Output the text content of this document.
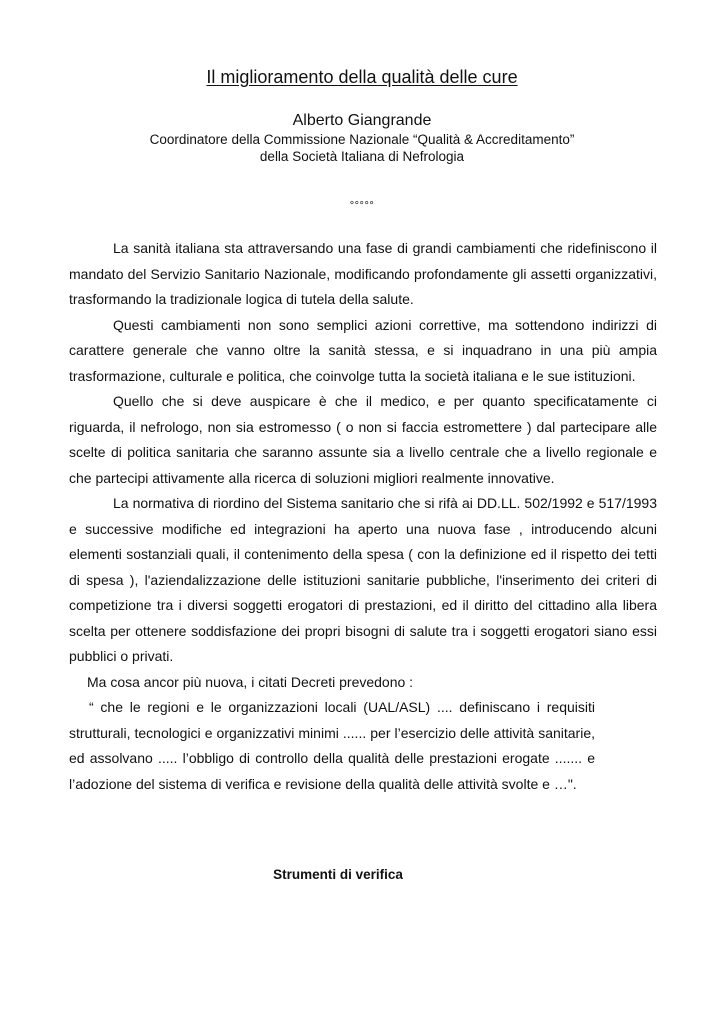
Il miglioramento della qualità delle cure
Alberto Giangrande
Coordinatore della Commissione Nazionale “Qualità & Accreditamento”
della Società Italiana di Nefrologia
°°°°°

La sanità italiana sta attraversando una fase di grandi cambiamenti che ridefiniscono il mandato del Servizio Sanitario Nazionale, modificando profondamente gli assetti organizzativi, trasformando la tradizionale logica di tutela della salute.

Questi cambiamenti non sono semplici azioni correttive, ma sottendono indirizzi di carattere generale che vanno oltre la sanità stessa, e si inquadrano in una più ampia trasformazione, culturale e politica, che coinvolge tutta la società italiana e le sue istituzioni.

Quello che si deve auspicare è che il medico, e per quanto specificatamente ci riguarda, il nefrologo, non sia estromesso ( o non si faccia estromettere ) dal partecipare alle scelte di politica sanitaria che saranno assunte sia a livello centrale che a livello regionale e che partecipi attivamente alla ricerca di soluzioni migliori realmente innovative.

La normativa di riordino del Sistema sanitario che si rifà ai DD.LL. 502/1992 e 517/1993 e successive modifiche ed integrazioni ha aperto una nuova fase , introducendo alcuni elementi sostanziali quali, il contenimento della spesa ( con la definizione ed il rispetto dei tetti di spesa ), l'aziendalizzazione delle istituzioni sanitarie pubbliche, l'inserimento dei criteri di competizione tra i diversi soggetti erogatori di prestazioni, ed il diritto del cittadino alla libera scelta per ottenere soddisfazione dei propri bisogni di salute tra i soggetti erogatori siano essi pubblici o privati.

Ma cosa ancor più nuova, i citati Decreti prevedono :

“ che le regioni e le organizzazioni locali (UAL/ASL) .... definiscano i requisiti strutturali, tecnologici e organizzativi minimi ...... per l’esercizio delle attività sanitarie, ed assolvano ..... l’obbligo di controllo della qualità delle prestazioni erogate ....... e l’adozione del sistema di verifica e revisione della qualità delle attività svolte e …".

Strumenti di verifica
